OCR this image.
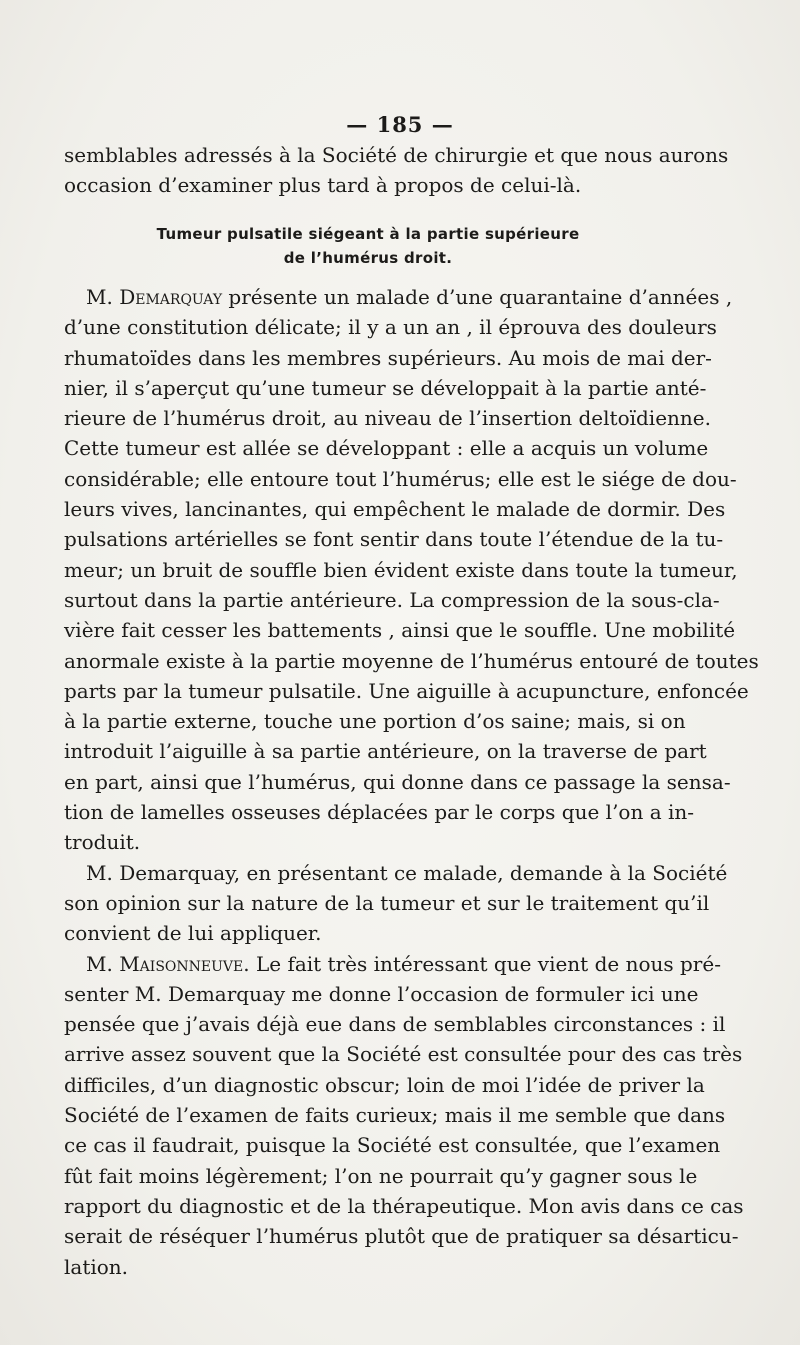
— 185 —
semblables adressés à la Société de chirurgie et que nous aurons
occasion d’examiner plus tard à propos de celui-là.
Tumeur pulsatile siégeant à la partie supérieure
de l’humérus droit.
M. Demarquay présente un malade d’une quarantaine d’années ,
d’une constitution délicate; il y a un an , il éprouva des douleurs
rhumatoïdes dans les membres supérieurs. Au mois de mai der-
nier, il s’aperçut qu’une tumeur se développait à la partie anté-
rieure de l’humérus droit, au niveau de l’insertion deltoïdienne.
Cette tumeur est allée se développant : elle a acquis un volume
considérable; elle entoure tout l’humérus; elle est le siége de dou-
leurs vives, lancinantes, qui empêchent le malade de dormir. Des
pulsations artérielles se font sentir dans toute l’étendue de la tu-
meur; un bruit de souffle bien évident existe dans toute la tumeur,
surtout dans la partie antérieure. La compression de la sous-cla-
vière fait cesser les battements , ainsi que le souffle. Une mobilité
anormale existe à la partie moyenne de l’humérus entouré de toutes
parts par la tumeur pulsatile. Une aiguille à acupuncture, enfoncée
à la partie externe, touche une portion d’os saine; mais, si on
introduit l’aiguille à sa partie antérieure, on la traverse de part
en part, ainsi que l’humérus, qui donne dans ce passage la sensa-
tion de lamelles osseuses déplacées par le corps que l’on a in-
troduit.
M. Demarquay, en présentant ce malade, demande à la Société
son opinion sur la nature de la tumeur et sur le traitement qu’il
convient de lui appliquer.
M. Maisonneuve. Le fait très intéressant que vient de nous pré-
senter M. Demarquay me donne l’occasion de formuler ici une
pensée que j’avais déjà eue dans de semblables circonstances : il
arrive assez souvent que la Société est consultée pour des cas très
difficiles, d’un diagnostic obscur; loin de moi l’idée de priver la
Société de l’examen de faits curieux; mais il me semble que dans
ce cas il faudrait, puisque la Société est consultée, que l’examen
fût fait moins légèrement; l’on ne pourrait qu’y gagner sous le
rapport du diagnostic et de la thérapeutique. Mon avis dans ce cas
serait de réséquer l’humérus plutôt que de pratiquer sa désarticu-
lation.
